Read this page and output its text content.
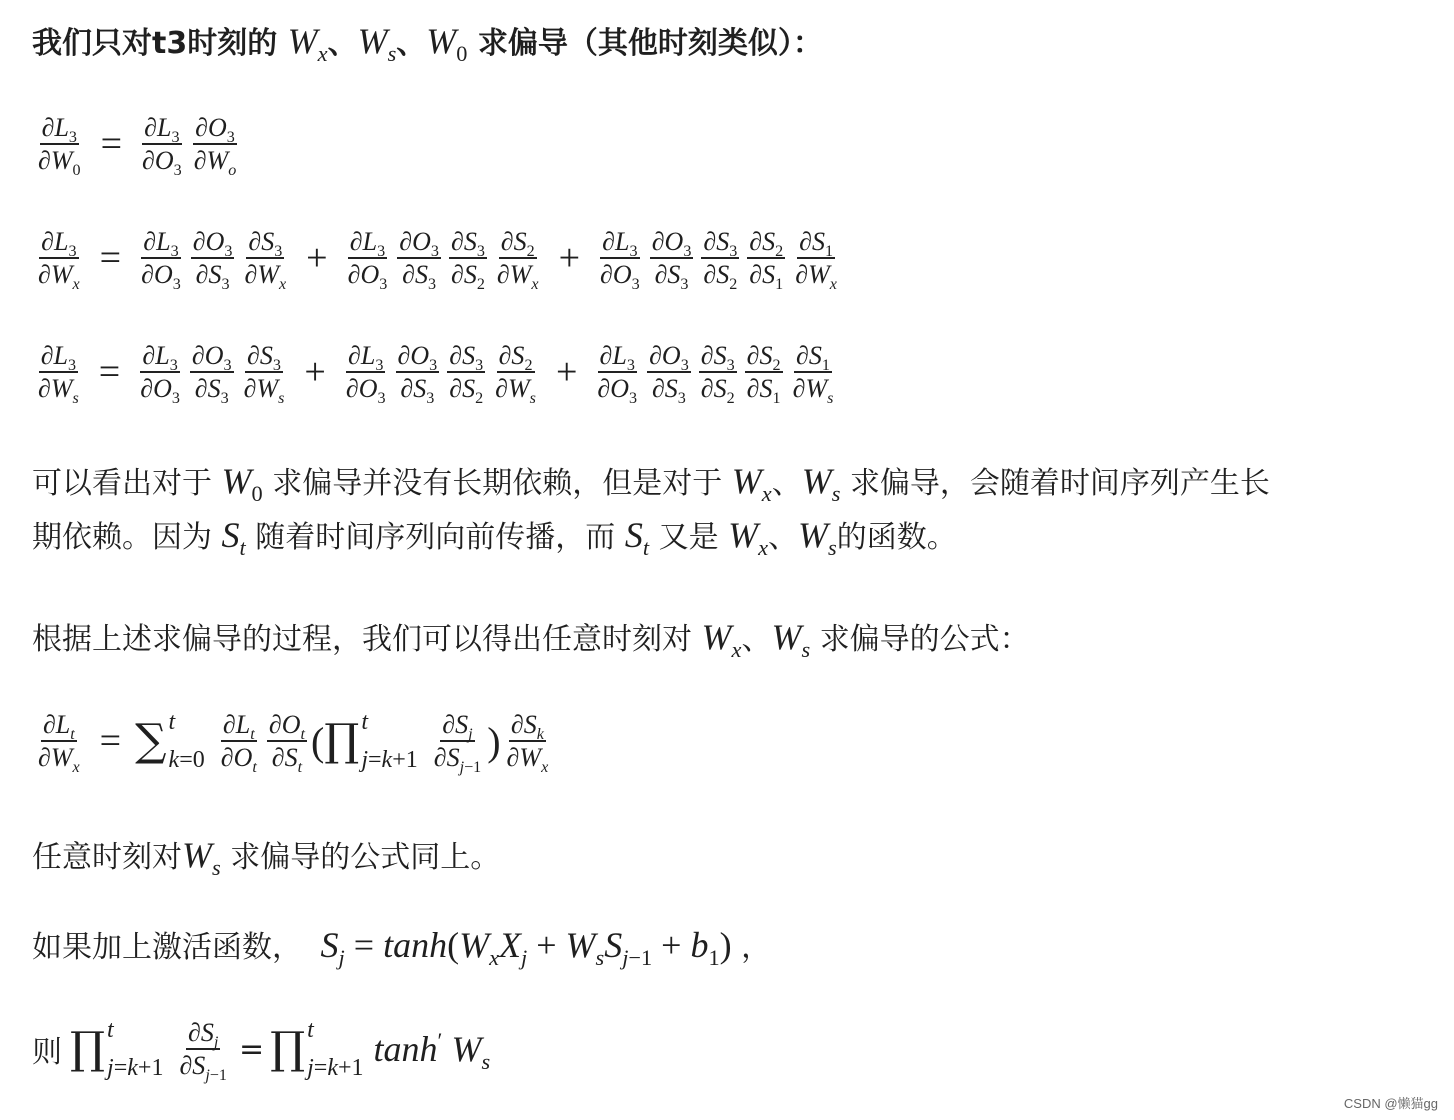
我们只对t3时刻的 $W_x$、$W_s$、$W_0$ 求偏导（其他时刻类似）：
$\frac{\partial L_3}{\partial W_0} = \frac{\partial L_3}{\partial O_3} \frac{\partial O_3}{\partial W_o}$
$\frac{\partial L_3}{\partial W_x} = \frac{\partial L_3}{\partial O_3} \frac{\partial O_3}{\partial S_3} \frac{\partial S_3}{\partial W_x} + \frac{\partial L_3}{\partial O_3} \frac{\partial O_3}{\partial S_3} \frac{\partial S_3}{\partial S_2} \frac{\partial S_2}{\partial W_x} + \frac{\partial L_3}{\partial O_3} \frac{\partial O_3}{\partial S_3} \frac{\partial S_3}{\partial S_2} \frac{\partial S_2}{\partial S_1} \frac{\partial S_1}{\partial W_x}$
$\frac{\partial L_3}{\partial W_s} = \frac{\partial L_3}{\partial O_3} \frac{\partial O_3}{\partial S_3} \frac{\partial S_3}{\partial W_s} + \frac{\partial L_3}{\partial O_3} \frac{\partial O_3}{\partial S_3} \frac{\partial S_3}{\partial S_2} \frac{\partial S_2}{\partial W_s} + \frac{\partial L_3}{\partial O_3} \frac{\partial O_3}{\partial S_3} \frac{\partial S_3}{\partial S_2} \frac{\partial S_2}{\partial S_1} \frac{\partial S_1}{\partial W_s}$
可以看出对于 $W_0$ 求偏导并没有长期依赖，但是对于 $W_x$、$W_s$ 求偏导，会随着时间序列产生长
期依赖。因为 $S_t$ 随着时间序列向前传播，而 $S_t$ 又是 $W_x$、$W_s$的函数。
根据上述求偏导的过程，我们可以得出任意时刻对 $W_x$、$W_s$ 求偏导的公式：
$\frac{\partial L_t}{\partial W_x}$ = ∑ t
$k=0 \frac{\partial L_t}{\partial O_t} \frac{\partial O_t}{\partial S_t}$ ( ∏ t
$j=k+1 \frac{\partial S_j}{\partial S_{j-1}}$ ) $\frac{\partial S_k}{\partial W_x}$
任意时刻对$W_s$ 求偏导的公式同上。
如果加上激活函数，  $S_j = \tanh(W_xX_j + W_sS_{j-1} + b_1)$ ，
则 ∏ t
$j=k+1 \frac{\partial S_j}{\partial S_{j-1}}$ = ∏ t
j=k+1 $\tanh' W_s$
CSDN @懒猫gg
